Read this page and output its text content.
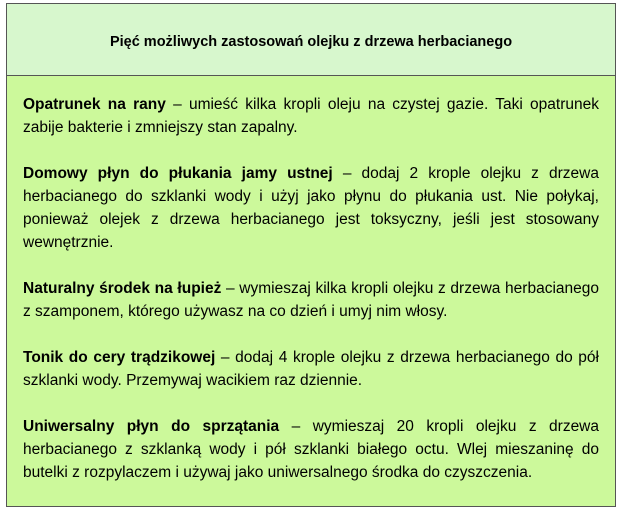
Pięć możliwych zastosowań olejku z drzewa herbacianego

Opatrunek na rany – umieść kilka kropli oleju na czystej gazie. Taki opatrunek zabije bakterie i zmniejszy stan zapalny.

Domowy płyn do płukania jamy ustnej – dodaj 2 krople olejku z drzewa herbacianego do szklanki wody i użyj jako płynu do płukania ust. Nie połykaj, ponieważ olejek z drzewa herbacianego jest toksyczny, jeśli jest stosowany wewnętrznie.

Naturalny środek na łupież – wymieszaj kilka kropli olejku z drzewa herbacianego z szamponem, którego używasz na co dzień i umyj nim włosy.

Tonik do cery trądzikowej – dodaj 4 krople olejku z drzewa herbacianego do pół szklanki wody. Przemywaj wacikiem raz dziennie.

Uniwersalny płyn do sprzątania – wymieszaj 20 kropli olejku z drzewa herbacianego z szklanką wody i pół szklanki białego octu. Wlej mieszaninę do butelki z rozpylaczem i używaj jako uniwersalnego środka do czyszczenia.
